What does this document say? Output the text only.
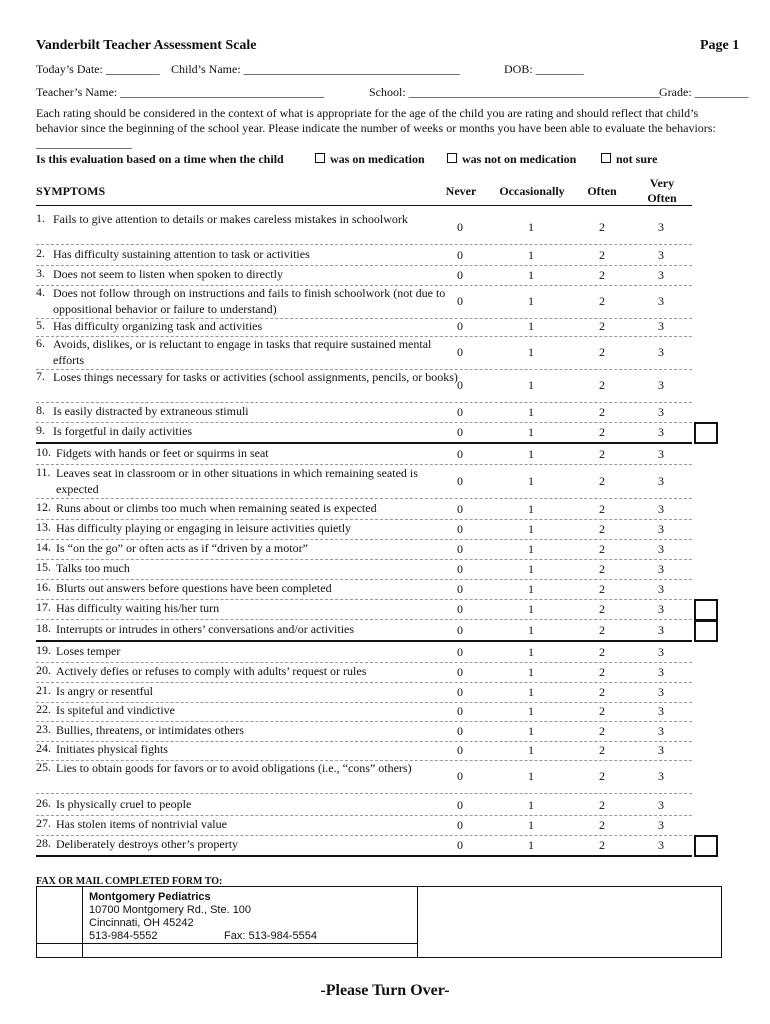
Vanderbilt Teacher Assessment Scale	Page 1
Today’s Date: _________ Child’s Name: ____________________________________	DOB: ________
Teacher’s Name: __________________________________	School: __________________________________________
Grade: _________
Each rating should be considered in the context of what is appropriate for the age of the child you are rating and should reflect that child’s behavior since the beginning of the school year. Please indicate the number of weeks or months you have been able to evaluate the behaviors: ________________
Is this evaluation based on a time when the child	was on medication	was not on medication	not sure
SYMPTOMS	Never	Occasionally	Often
Very
Often
1. Fails to give attention to details or makes careless mistakes in schoolwork
0	1	2	3
2. Has difficulty sustaining attention to task or activities	0	1	2	3
3. Does not seem to listen when spoken to directly	0	1	2	3
4. Does not follow through on instructions and fails to finish schoolwork (not due to oppositional behavior or failure to understand)
0	1	2	3
5. Has difficulty organizing task and activities	0	1	2	3
6. Avoids, dislikes, or is reluctant to engage in tasks that require sustained mental efforts
0	1	2	3
7. Loses things necessary for tasks or activities (school assignments, pencils, or books)
0	1	2	3
8. Is easily distracted by extraneous stimuli	0	1	2	3
9. Is forgetful in daily activities	0	1	2	3
10. Fidgets with hands or feet or squirms in seat	0	1	2	3
11. Leaves seat in classroom or in other situations in which remaining seated is expected
0	1	2	3
12. Runs about or climbs too much when remaining seated is expected	0	1	2	3
13. Has difficulty playing or engaging in leisure activities quietly	0	1	2	3
14. Is “on the go” or often acts as if “driven by a motor”	0	1	2	3
15. Talks too much	0	1	2	3
16. Blurts out answers before questions have been completed	0	1	2	3
17. Has difficulty waiting his/her turn	0	1	2	3
18. Interrupts or intrudes in others’ conversations and/or activities	0	1	2	3
19. Loses temper	0	1	2	3
20. Actively defies or refuses to comply with adults’ request or rules	0	1	2	3
21. Is angry or resentful	0	1	2	3
22. Is spiteful and vindictive	0	1	2	3
23. Bullies, threatens, or intimidates others	0	1	2	3
24. Initiates physical fights	0	1	2	3
25. Lies to obtain goods for favors or to avoid obligations (i.e., “cons” others)
0	1	2	3
26. Is physically cruel to people	0	1	2	3
27. Has stolen items of nontrivial value	0	1	2	3
28. Deliberately destroys other’s property	0	1	2	3
FAX OR MAIL COMPLETED FORM TO:
Montgomery Pediatrics
10700 Montgomery Rd., Ste. 100
Cincinnati, OH 45242
513-984-5552	Fax: 513-984-5554
-Please Turn Over-
